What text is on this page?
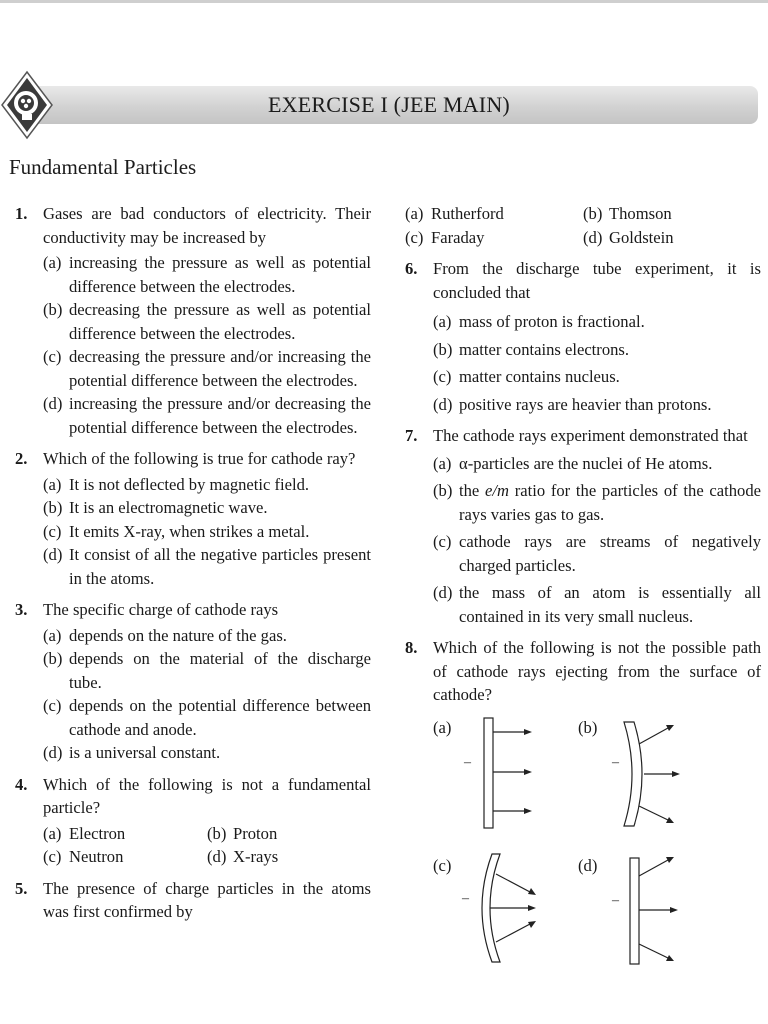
EXERCISE I (JEE MAIN)
Fundamental Particles
1. Gases are bad conductors of electricity. Their conductivity may be increased by
(a) increasing the pressure as well as potential difference between the electrodes.
(b) decreasing the pressure as well as potential difference between the electrodes.
(c) decreasing the pressure and/or increasing the potential difference between the electrodes.
(d) increasing the pressure and/or decreasing the potential difference between the electrodes.
2. Which of the following is true for cathode ray?
(a) It is not deflected by magnetic field.
(b) It is an electromagnetic wave.
(c) It emits X-ray, when strikes a metal.
(d) It consist of all the negative particles present in the atoms.
3. The specific charge of cathode rays
(a) depends on the nature of the gas.
(b) depends on the material of the discharge tube.
(c) depends on the potential difference between cathode and anode.
(d) is a universal constant.
4. Which of the following is not a fundamental particle?
(a) Electron	(b) Proton
(c) Neutron	(d) X-rays
5. The presence of charge particles in the atoms was first confirmed by
(a) Rutherford	(b) Thomson
(c) Faraday	(d) Goldstein
6. From the discharge tube experiment, it is concluded that
(a) mass of proton is fractional.
(b) matter contains electrons.
(c) matter contains nucleus.
(d) positive rays are heavier than protons.
7. The cathode rays experiment demonstrated that
(a) α-particles are the nuclei of He atoms.
(b) the e/m ratio for the particles of the cathode rays varies gas to gas.
(c) cathode rays are streams of negatively charged particles.
(d) the mass of an atom is essentially all contained in its very small nucleus.
8. Which of the following is not the possible path of cathode rays ejecting from the surface of cathode?
(a)	(b)
(c)	(d)
–	–
–	–
